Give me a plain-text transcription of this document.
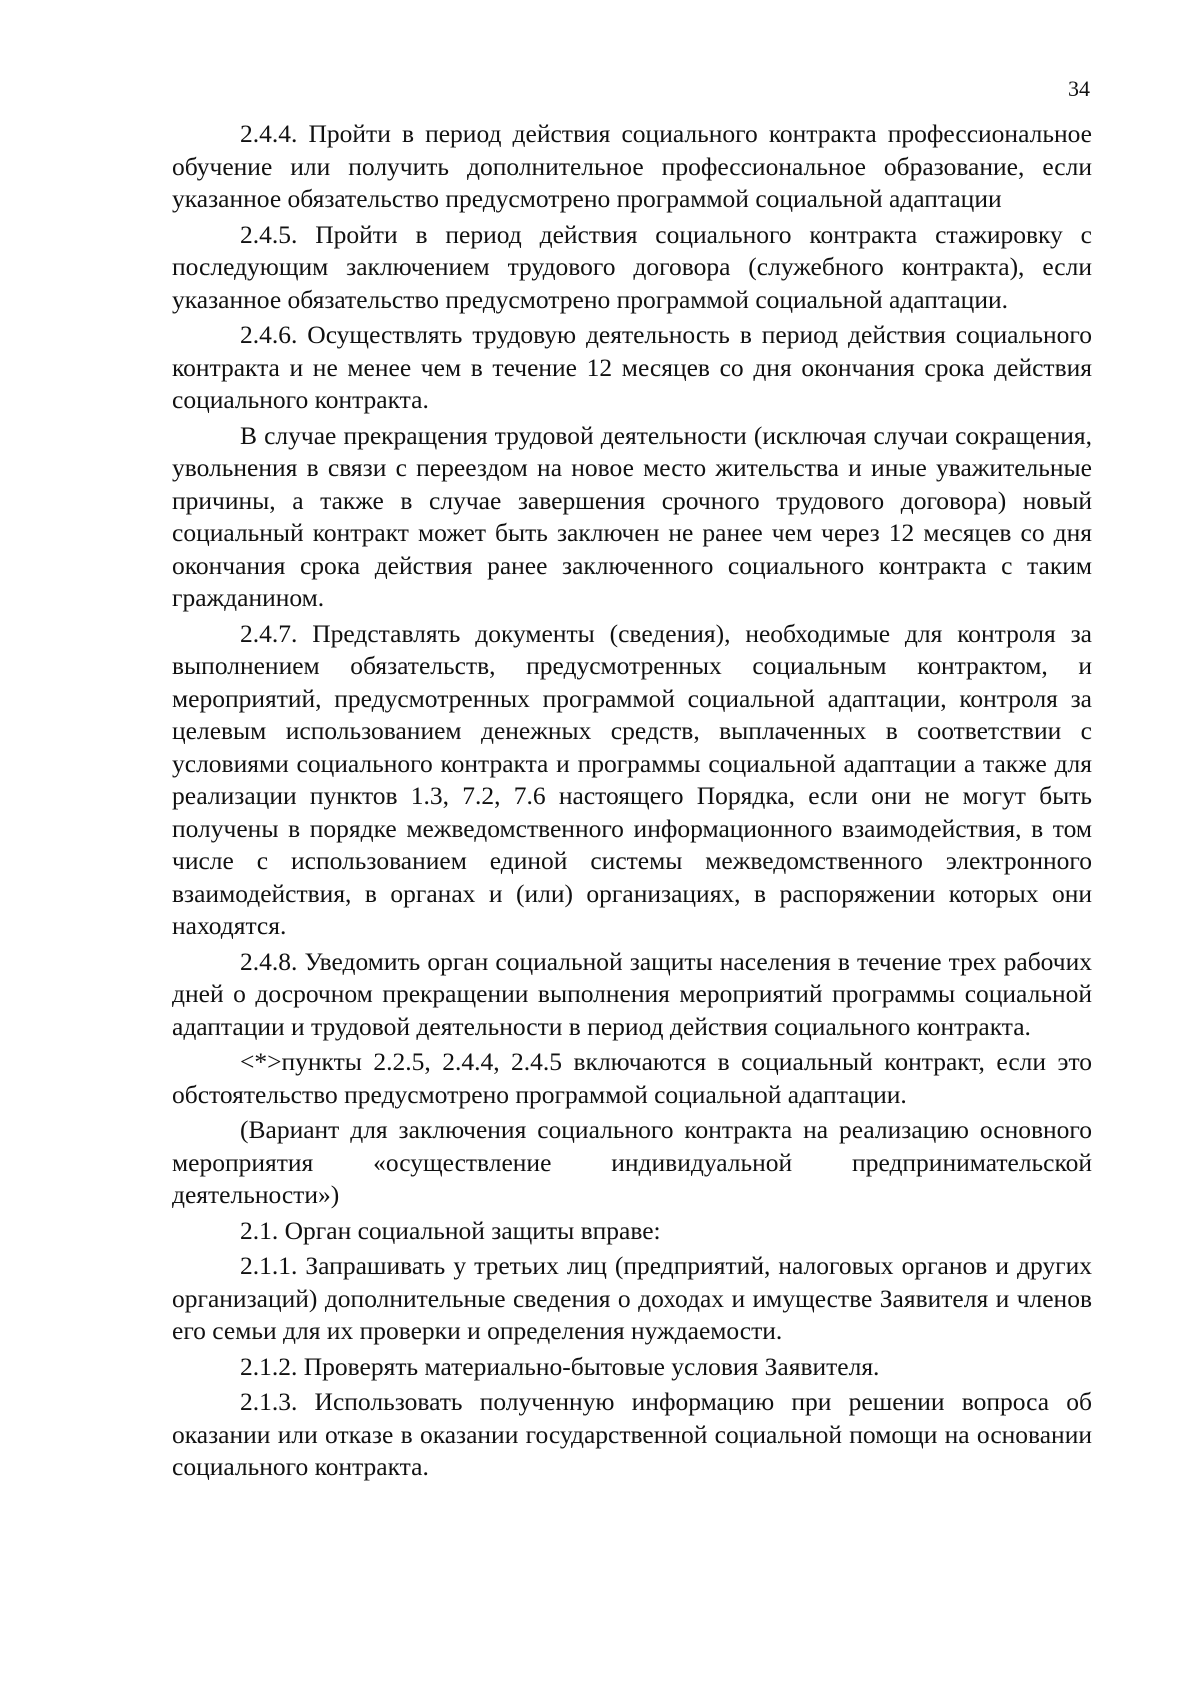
34

2.4.4. Пройти в период действия социального контракта профессиональное обучение или получить дополнительное профессиональное образование, если указанное обязательство предусмотрено программой социальной адаптации

2.4.5. Пройти в период действия социального контракта стажировку с последующим заключением трудового договора (служебного контракта), если указанное обязательство предусмотрено программой социальной адаптации.

2.4.6. Осуществлять трудовую деятельность в период действия социального контракта и не менее чем в течение 12 месяцев со дня окончания срока действия социального контракта.

В случае прекращения трудовой деятельности (исключая случаи сокращения, увольнения в связи с переездом на новое место жительства и иные уважительные причины, а также в случае завершения срочного трудового договора) новый социальный контракт может быть заключен не ранее чем через 12 месяцев со дня окончания срока действия ранее заключенного социального контракта с таким гражданином.

2.4.7. Представлять документы (сведения), необходимые для контроля за выполнением обязательств, предусмотренных социальным контрактом, и мероприятий, предусмотренных программой социальной адаптации, контроля за целевым использованием денежных средств, выплаченных в соответствии с условиями социального контракта и программы социальной адаптации а также для реализации пунктов 1.3, 7.2, 7.6 настоящего Порядка, если они не могут быть получены в порядке межведомственного информационного взаимодействия, в том числе с использованием единой системы межведомственного электронного взаимодействия, в органах и (или) организациях, в распоряжении которых они находятся.

2.4.8. Уведомить орган социальной защиты населения в течение трех рабочих дней о досрочном прекращении выполнения мероприятий программы социальной адаптации и трудовой деятельности в период действия социального контракта.

<*>пункты 2.2.5, 2.4.4, 2.4.5 включаются в социальный контракт, если это обстоятельство предусмотрено программой социальной адаптации.

(Вариант для заключения социального контракта на реализацию основного мероприятия «осуществление индивидуальной предпринимательской деятельности»)

2.1. Орган социальной защиты вправе:

2.1.1. Запрашивать у третьих лиц (предприятий, налоговых органов и других организаций) дополнительные сведения о доходах и имуществе Заявителя и членов его семьи для их проверки и определения нуждаемости.

2.1.2. Проверять материально-бытовые условия Заявителя.

2.1.3. Использовать полученную информацию при решении вопроса об оказании или отказе в оказании государственной социальной помощи на основании социального контракта.
